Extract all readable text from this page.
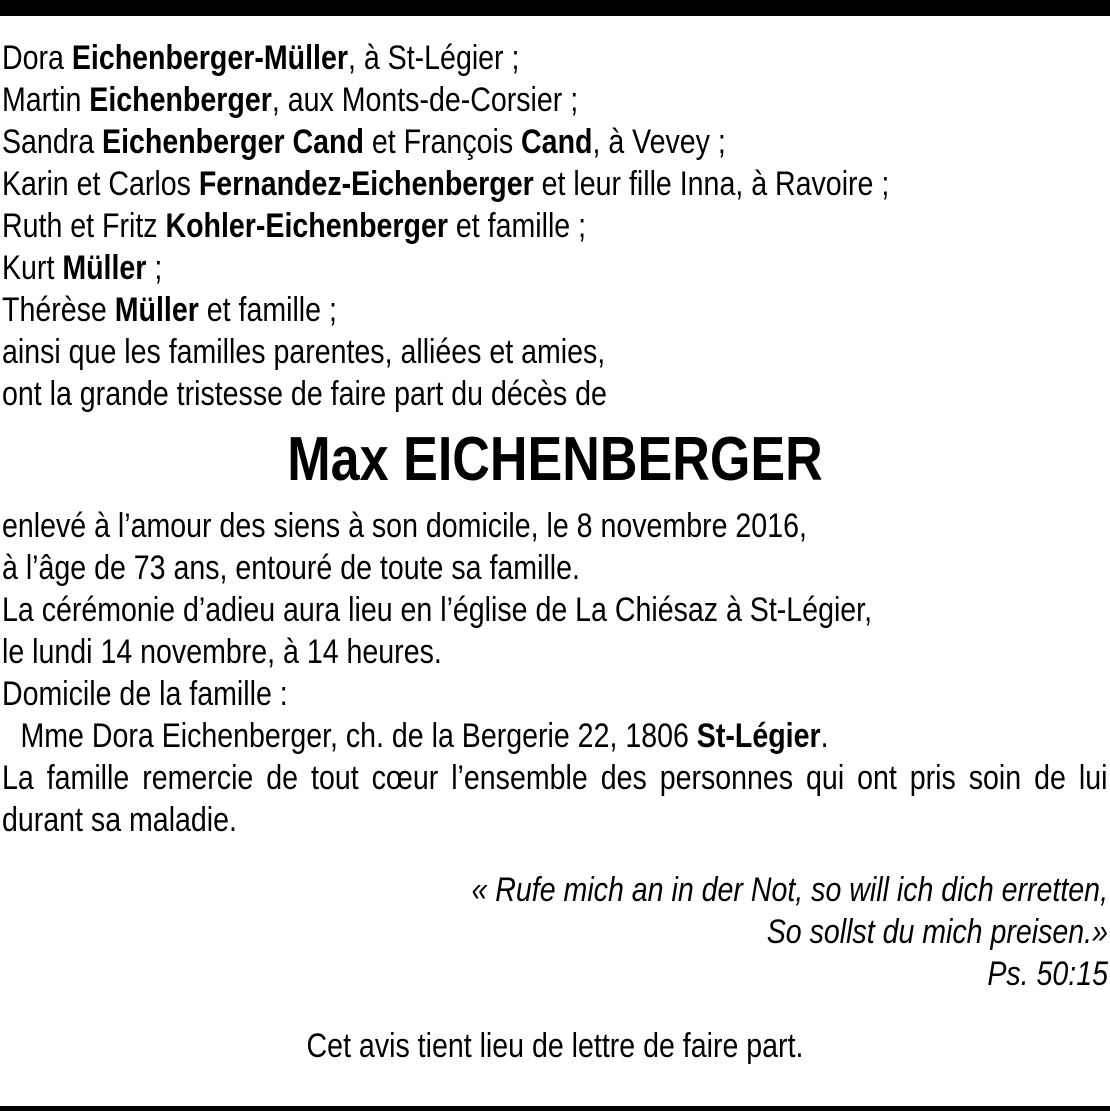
Dora Eichenberger-Müller, à St-Légier ;
Martin Eichenberger, aux Monts-de-Corsier ;
Sandra Eichenberger Cand et François Cand, à Vevey ;
Karin et Carlos Fernandez-Eichenberger et leur fille Inna, à Ravoire ;
Ruth et Fritz Kohler-Eichenberger et famille ;
Kurt Müller ;
Thérèse Müller et famille ;
ainsi que les familles parentes, alliées et amies,
ont la grande tristesse de faire part du décès de
Max EICHENBERGER
enlevé à l’amour des siens à son domicile, le 8 novembre 2016,
à l’âge de 73 ans, entouré de toute sa famille.
La cérémonie d’adieu aura lieu en l’église de La Chiésaz à St-Légier,
le lundi 14 novembre, à 14 heures.
Domicile de la famille :
Mme Dora Eichenberger, ch. de la Bergerie 22, 1806 St-Légier.
La famille remercie de tout cœur l’ensemble des personnes qui ont pris soin de lui durant sa maladie.
« Rufe mich an in der Not, so will ich dich erretten,
So sollst du mich preisen.»
Ps. 50:15
Cet avis tient lieu de lettre de faire part.
